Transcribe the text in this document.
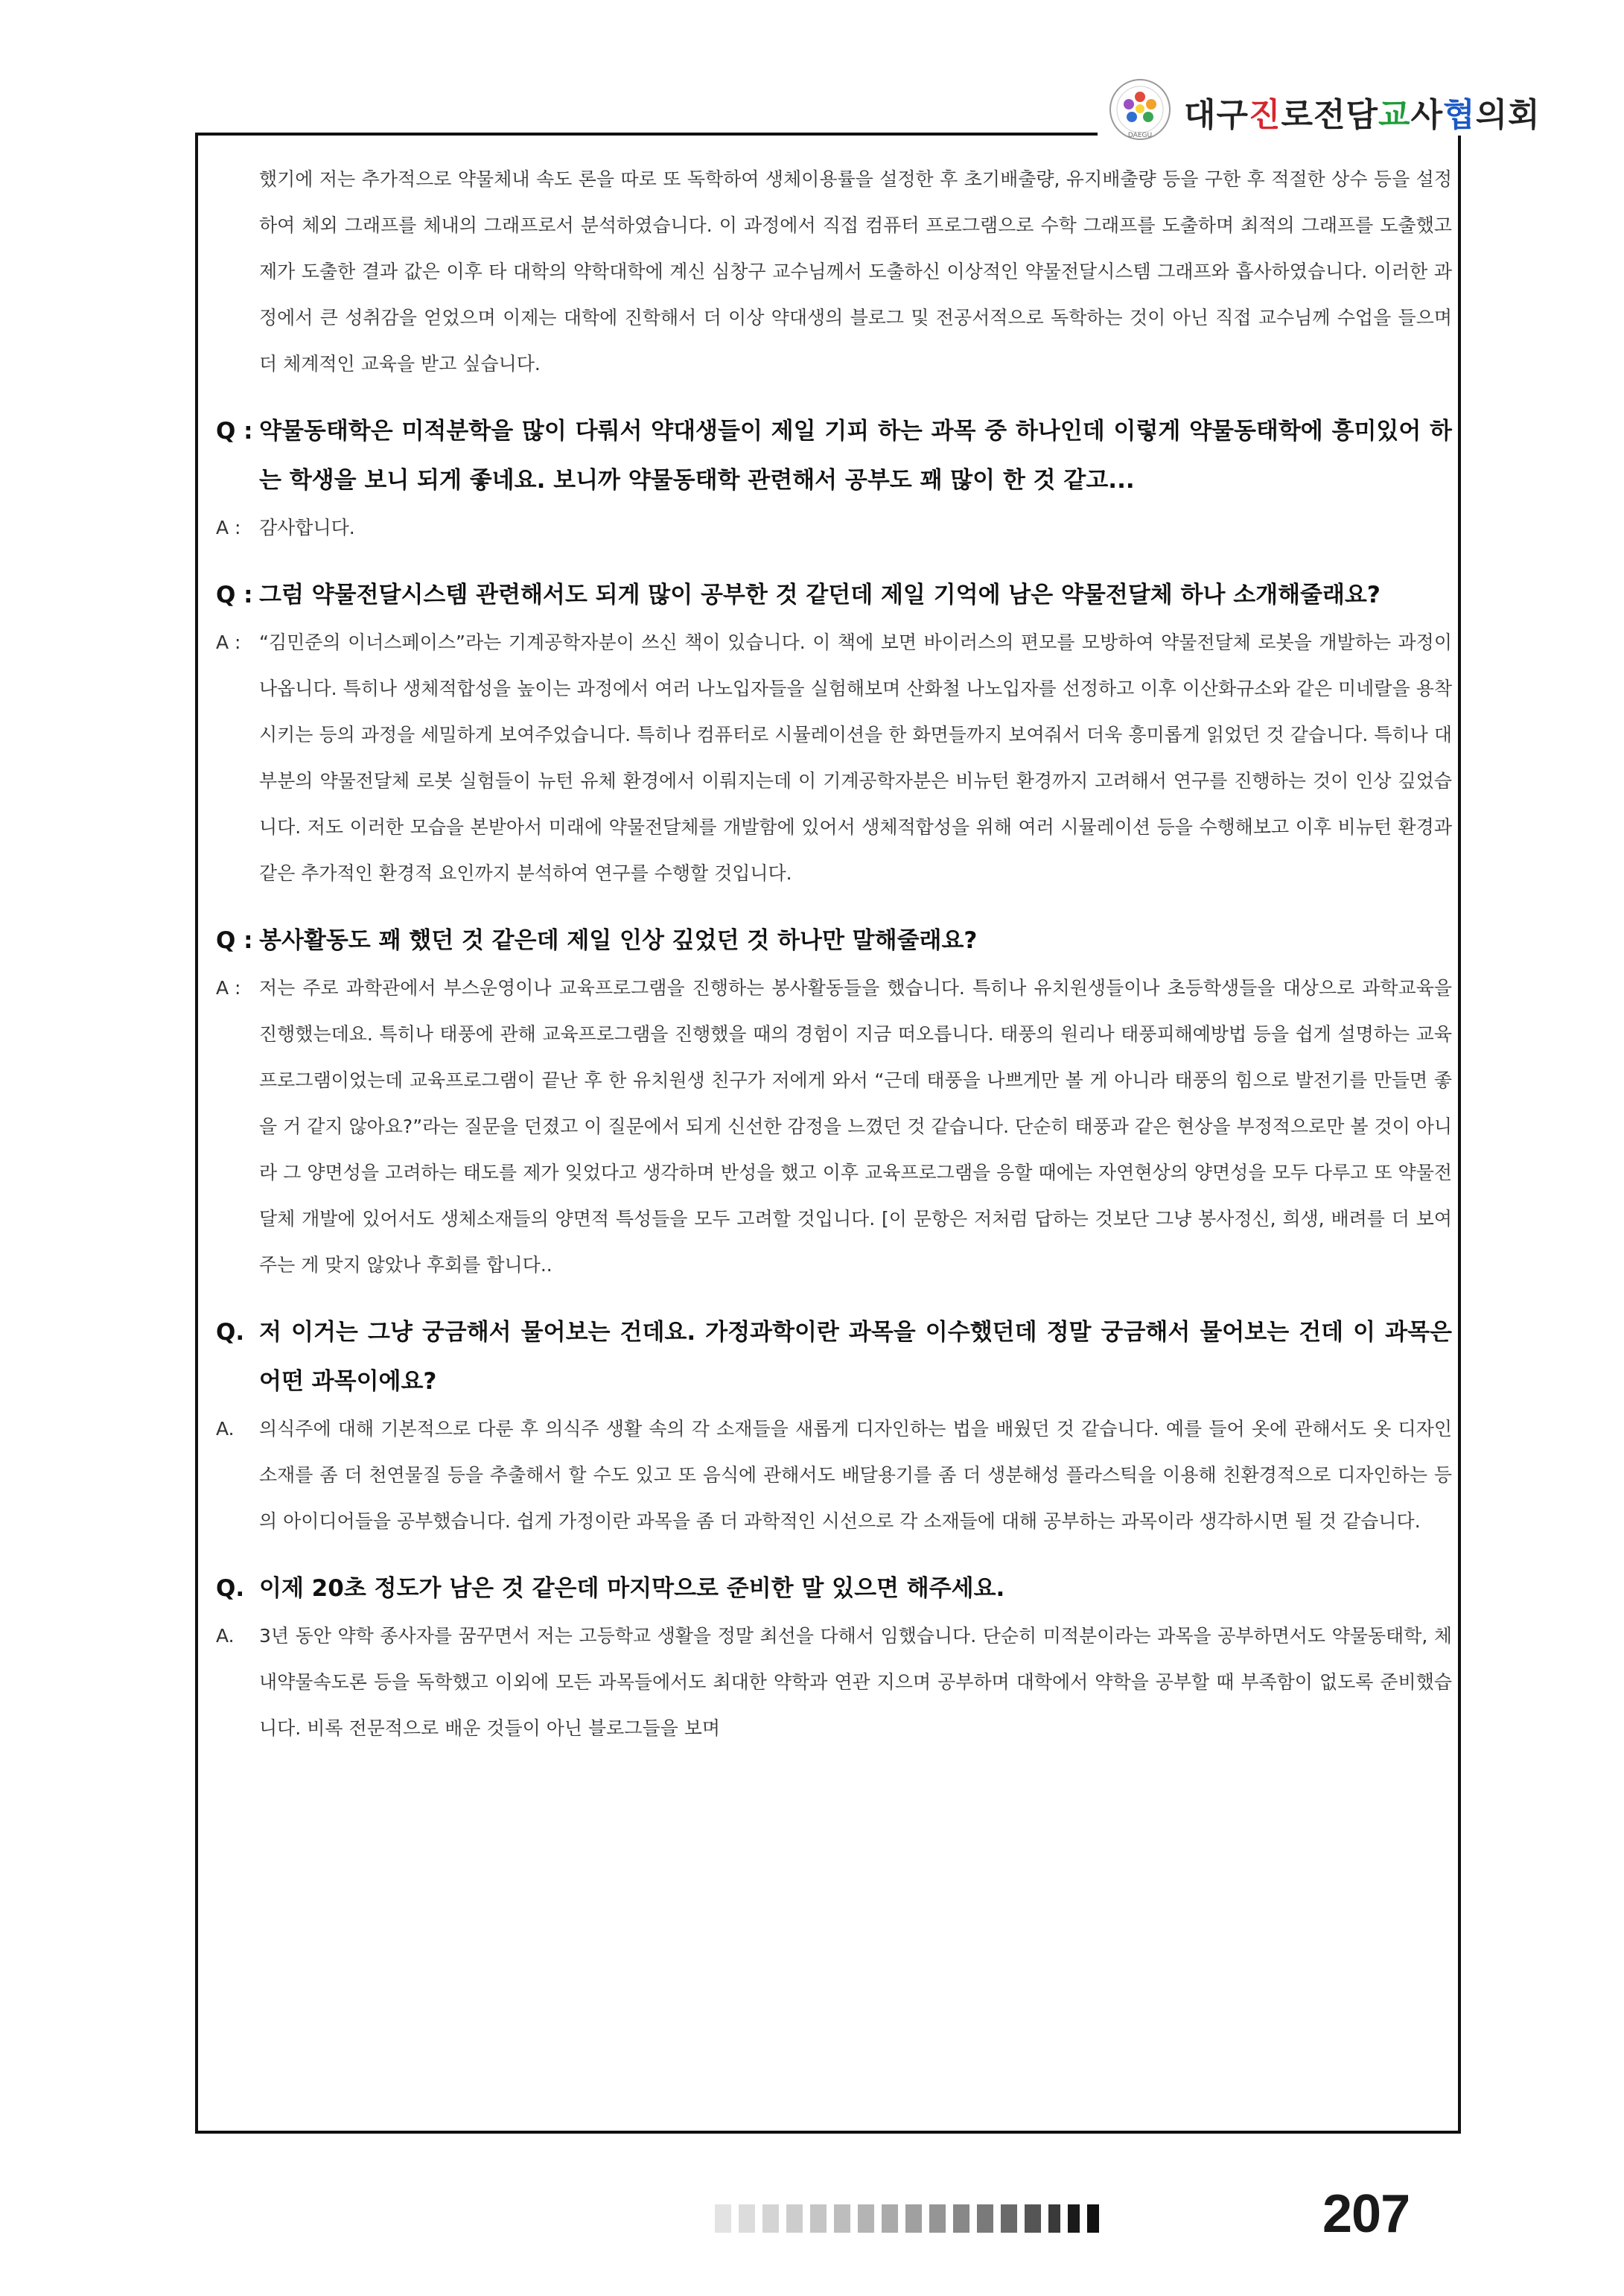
DAEGU
대구진로전담교사협의회

했기에 저는 추가적으로 약물체내 속도 론을 따로 또 독학하여 생체이용률을 설정한 후 초기배출량, 유지배출량 등을 구한 후 적절한 상수 등을 설정하여 체외 그래프를 체내의 그래프로서 분석하였습니다. 이 과정에서 직접 컴퓨터 프로그램으로 수학 그래프를 도출하며 최적의 그래프를 도출했고 제가 도출한 결과 값은 이후 타 대학의 약학대학에 계신 심창구 교수님께서 도출하신 이상적인 약물전달시스템 그래프와 흡사하였습니다. 이러한 과정에서 큰 성취감을 얻었으며 이제는 대학에 진학해서 더 이상 약대생의 블로그 및 전공서적으로 독학하는 것이 아닌 직접 교수님께 수업을 들으며 더 체계적인 교육을 받고 싶습니다.

Q : 약물동태학은 미적분학을 많이 다뤄서 약대생들이 제일 기피 하는 과목 중 하나인데 이렇게 약물동태학에 흥미있어 하는 학생을 보니 되게 좋네요. 보니까 약물동태학 관련해서 공부도 꽤 많이 한 것 같고...

A : 감사합니다.

Q : 그럼 약물전달시스템 관련해서도 되게 많이 공부한 것 같던데 제일 기억에 남은 약물전달체 하나 소개해줄래요?

A : “김민준의 이너스페이스”라는 기계공학자분이 쓰신 책이 있습니다. 이 책에 보면 바이러스의 편모를 모방하여 약물전달체 로봇을 개발하는 과정이 나옵니다. 특히나 생체적합성을 높이는 과정에서 여러 나노입자들을 실험해보며 산화철 나노입자를 선정하고 이후 이산화규소와 같은 미네랄을 용착시키는 등의 과정을 세밀하게 보여주었습니다. 특히나 컴퓨터로 시뮬레이션을 한 화면들까지 보여줘서 더욱 흥미롭게 읽었던 것 같습니다. 특히나 대부분의 약물전달체 로봇 실험들이 뉴턴 유체 환경에서 이뤄지는데 이 기계공학자분은 비뉴턴 환경까지 고려해서 연구를 진행하는 것이 인상 깊었습니다. 저도 이러한 모습을 본받아서 미래에 약물전달체를 개발함에 있어서 생체적합성을 위해 여러 시뮬레이션 등을 수행해보고 이후 비뉴턴 환경과 같은 추가적인 환경적 요인까지 분석하여 연구를 수행할 것입니다.

Q : 봉사활동도 꽤 했던 것 같은데 제일 인상 깊었던 것 하나만 말해줄래요?

A : 저는 주로 과학관에서 부스운영이나 교육프로그램을 진행하는 봉사활동들을 했습니다. 특히나 유치원생들이나 초등학생들을 대상으로 과학교육을 진행했는데요. 특히나 태풍에 관해 교육프로그램을 진행했을 때의 경험이 지금 떠오릅니다. 태풍의 원리나 태풍피해예방법 등을 쉽게 설명하는 교육프로그램이었는데 교육프로그램이 끝난 후 한 유치원생 친구가 저에게 와서 “근데 태풍을 나쁘게만 볼 게 아니라 태풍의 힘으로 발전기를 만들면 좋을 거 같지 않아요?”라는 질문을 던졌고 이 질문에서 되게 신선한 감정을 느꼈던 것 같습니다. 단순히 태풍과 같은 현상을 부정적으로만 볼 것이 아니라 그 양면성을 고려하는 태도를 제가 잊었다고 생각하며 반성을 했고 이후 교육프로그램을 응할 때에는 자연현상의 양면성을 모두 다루고 또 약물전달체 개발에 있어서도 생체소재들의 양면적 특성들을 모두 고려할 것입니다. [이 문항은 저처럼 답하는 것보단 그냥 봉사정신, 희생, 배려를 더 보여주는 게 맞지 않았나 후회를 합니다..

Q. 저 이거는 그냥 궁금해서 물어보는 건데요. 가정과학이란 과목을 이수했던데 정말 궁금해서 물어보는 건데 이 과목은 어떤 과목이에요?

A. 의식주에 대해 기본적으로 다룬 후 의식주 생활 속의 각 소재들을 새롭게 디자인하는 법을 배웠던 것 같습니다. 예를 들어 옷에 관해서도 옷 디자인 소재를 좀 더 천연물질 등을 추출해서 할 수도 있고 또 음식에 관해서도 배달용기를 좀 더 생분해성 플라스틱을 이용해 친환경적으로 디자인하는 등의 아이디어들을 공부했습니다. 쉽게 가정이란 과목을 좀 더 과학적인 시선으로 각 소재들에 대해 공부하는 과목이라 생각하시면 될 것 같습니다.

Q. 이제 20초 정도가 남은 것 같은데 마지막으로 준비한 말 있으면 해주세요.

A. 3년 동안 약학 종사자를 꿈꾸면서 저는 고등학교 생활을 정말 최선을 다해서 임했습니다. 단순히 미적분이라는 과목을 공부하면서도 약물동태학, 체내약물속도론 등을 독학했고 이외에 모든 과목들에서도 최대한 약학과 연관 지으며 공부하며 대학에서 약학을 공부할 때 부족함이 없도록 준비했습니다. 비록 전문적으로 배운 것들이 아닌 블로그들을 보며

207
